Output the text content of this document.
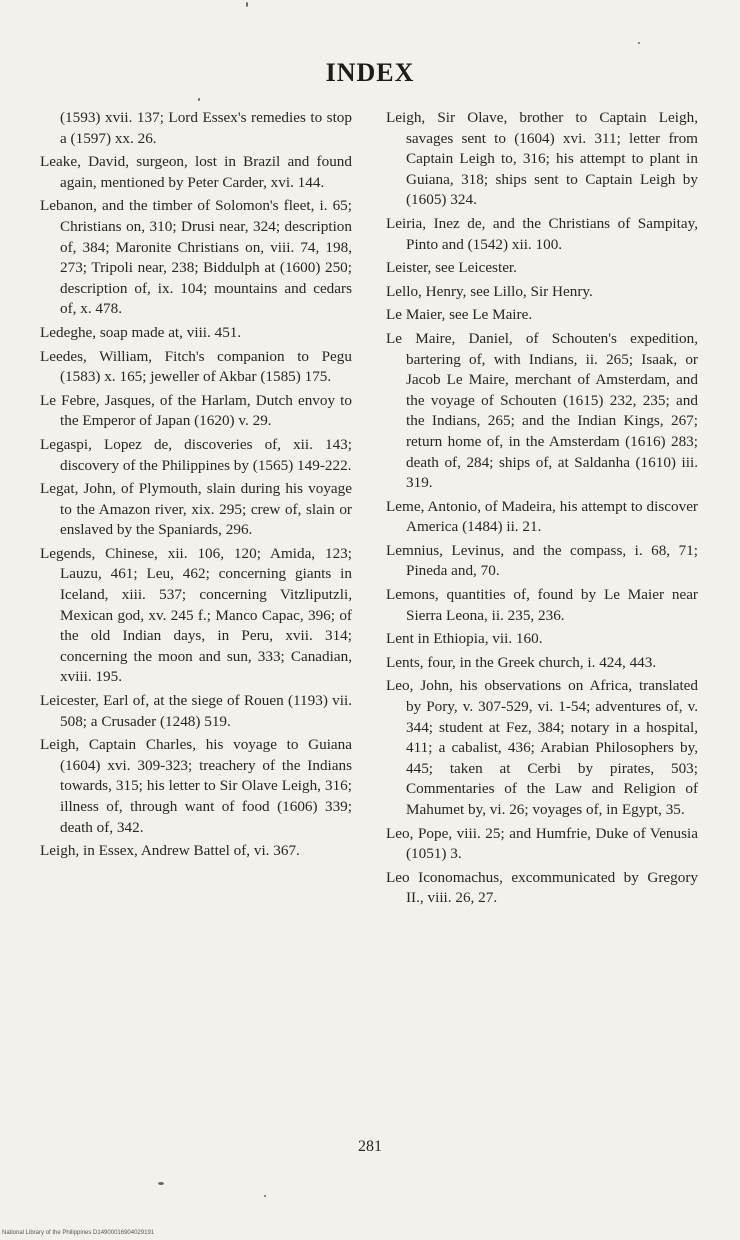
INDEX

(1593) xvii. 137; Lord Essex's remedies to stop a (1597) xx. 26.

Leake, David, surgeon, lost in Brazil and found again, mentioned by Peter Carder, xvi. 144.

Lebanon, and the timber of Solomon's fleet, i. 65; Christians on, 310; Drusi near, 324; description of, 384; Maronite Christians on, viii. 74, 198, 273; Tripoli near, 238; Biddulph at (1600) 250; description of, ix. 104; mountains and cedars of, x. 478.

Ledeghe, soap made at, viii. 451.

Leedes, William, Fitch's companion to Pegu (1583) x. 165; jeweller of Akbar (1585) 175.

Le Febre, Jasques, of the Harlam, Dutch envoy to the Emperor of Japan (1620) v. 29.

Legaspi, Lopez de, discoveries of, xii. 143; discovery of the Philippines by (1565) 149-222.

Legat, John, of Plymouth, slain during his voyage to the Amazon river, xix. 295; crew of, slain or enslaved by the Spaniards, 296.

Legends, Chinese, xii. 106, 120; Amida, 123; Lauzu, 461; Leu, 462; concerning giants in Iceland, xiii. 537; concerning Vitzliputzli, Mexican god, xv. 245 f.; Manco Capac, 396; of the old Indian days, in Peru, xvii. 314; concerning the moon and sun, 333; Canadian, xviii. 195.

Leicester, Earl of, at the siege of Rouen (1193) vii. 508; a Crusader (1248) 519.

Leigh, Captain Charles, his voyage to Guiana (1604) xvi. 309-323; treachery of the Indians towards, 315; his letter to Sir Olave Leigh, 316; illness of, through want of food (1606) 339; death of, 342.

Leigh, in Essex, Andrew Battel of, vi. 367.

Leigh, Sir Olave, brother to Captain Leigh, savages sent to (1604) xvi. 311; letter from Captain Leigh to, 316; his attempt to plant in Guiana, 318; ships sent to Captain Leigh by (1605) 324.

Leiria, Inez de, and the Christians of Sampitay, Pinto and (1542) xii. 100.

Leister, see Leicester.

Lello, Henry, see Lillo, Sir Henry.

Le Maier, see Le Maire.

Le Maire, Daniel, of Schouten's expedition, bartering of, with Indians, ii. 265; Isaak, or Jacob Le Maire, merchant of Amsterdam, and the voyage of Schouten (1615) 232, 235; and the Indians, 265; and the Indian Kings, 267; return home of, in the Amsterdam (1616) 283; death of, 284; ships of, at Saldanha (1610) iii. 319.

Leme, Antonio, of Madeira, his attempt to discover America (1484) ii. 21.

Lemnius, Levinus, and the compass, i. 68, 71; Pineda and, 70.

Lemons, quantities of, found by Le Maier near Sierra Leona, ii. 235, 236.

Lent in Ethiopia, vii. 160.

Lents, four, in the Greek church, i. 424, 443.

Leo, John, his observations on Africa, translated by Pory, v. 307-529, vi. 1-54; adventures of, v. 344; student at Fez, 384; notary in a hospital, 411; a cabalist, 436; Arabian Philosophers by, 445; taken at Cerbi by pirates, 503; Commentaries of the Law and Religion of Mahumet by, vi. 26; voyages of, in Egypt, 35.

Leo, Pope, viii. 25; and Humfrie, Duke of Venusia (1051) 3.

Leo Iconomachus, excommunicated by Gregory II., viii. 26, 27.

281
National Library of the Philippines D14900016904029191
